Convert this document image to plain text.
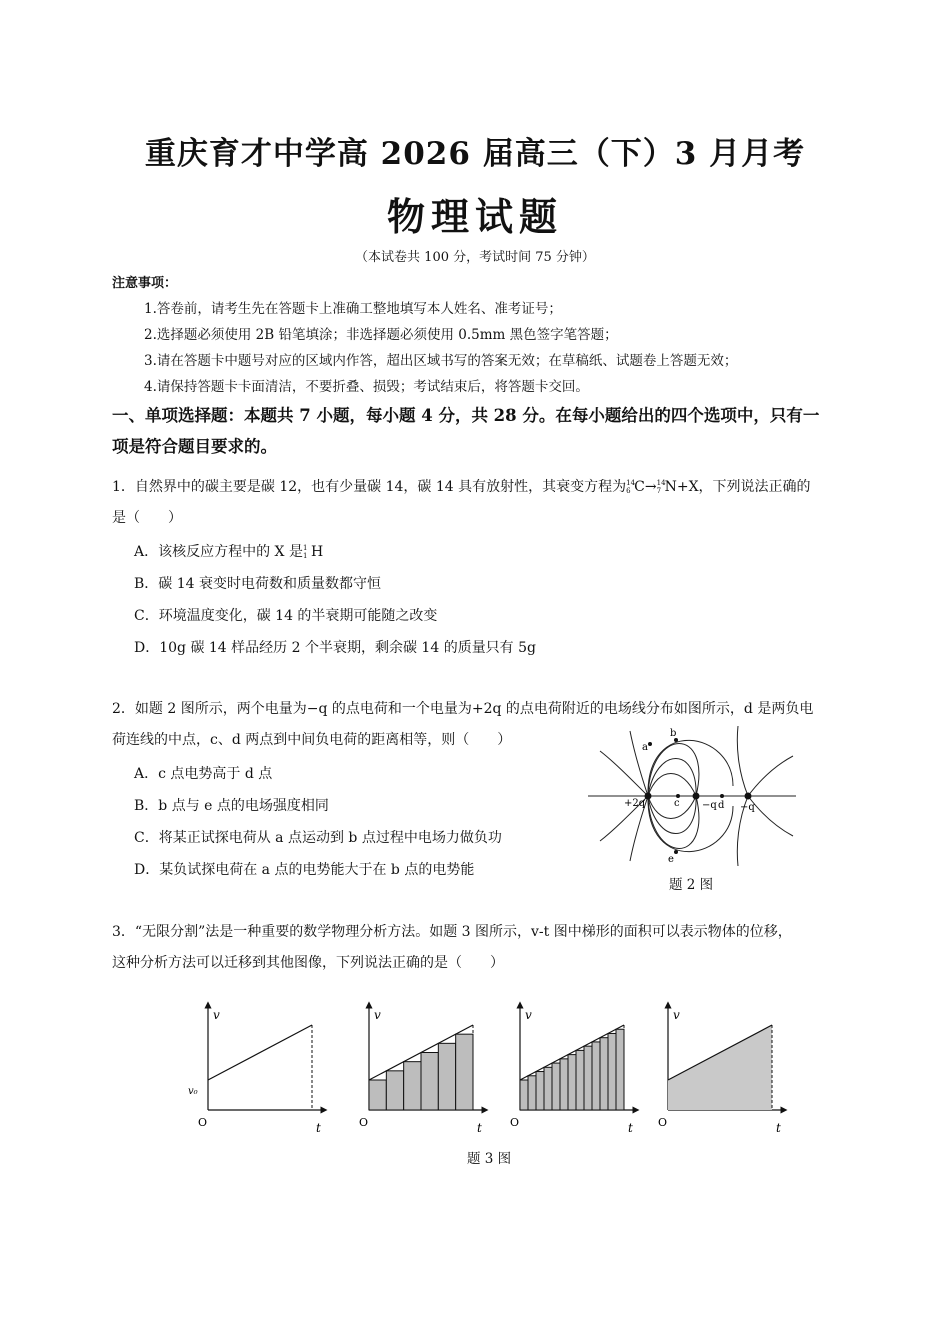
重庆育才中学高 2026 届高三（下）3 月月考
物理试题
（本试卷共 100 分，考试时间 75 分钟）
注意事项：
1.答卷前，请考生先在答题卡上准确工整地填写本人姓名、准考证号；
2.选择题必须使用 2B 铅笔填涂；非选择题必须使用 0.5mm 黑色签字笔答题；
3.请在答题卡中题号对应的区域内作答，超出区域书写的答案无效；在草稿纸、试题卷上答题无效；
4.请保持答题卡卡面清洁，不要折叠、损毁；考试结束后，将答题卡交回。
一、单项选择题：本题共 7 小题，每小题 4 分，共 28 分。在每小题给出的四个选项中，只有一
项是符合题目要求的。
1．自然界中的碳主要是碳 12，也有少量碳 14，碳 14 具有放射性，其衰变方程为 14
6 C→ 14
7 N+X，下列说法正确的
是（　　）
A．该核反应方程中的 X 是 1
1 H
B．碳 14 衰变时电荷数和质量数都守恒
C．环境温度变化，碳 14 的半衰期可能随之改变
D．10g 碳 14 样品经历 2 个半衰期，剩余碳 14 的质量只有 5g
2．如题 2 图所示，两个电量为−q 的点电荷和一个电量为+2q 的点电荷附近的电场线分布如图所示，d 是两负电
荷连线的中点，c、d 两点到中间负电荷的距离相等，则（　　）
A．c 点电势高于 d 点
B．b 点与 e 点的电场强度相同
C．将某正试探电荷从 a 点运动到 b 点过程中电场力做负功
D．某负试探电荷在 a 点的电势能大于在 b 点的电势能
+2q	−q −q
a
b
c	d
e
题 2 图
3．“无限分割”法是一种重要的数学物理分析方法。如题 3 图所示，v-t 图中梯形的面积可以表示物体的位移，
这种分析方法可以迁移到其他图像，下列说法正确的是（　　）
v
t
O
v₀
v
t
O
v
t
O
v
t
O
题 3 图
